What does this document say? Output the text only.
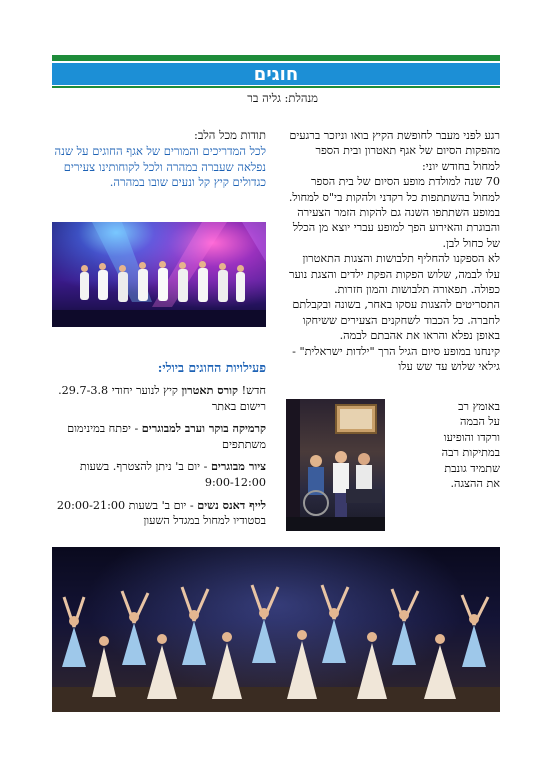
חוגים
מנהלת: גליה בר

רגע לפני מעבר לחופשת הקיץ בואו וניזכר ברגעים מהפקות הסיום של אגף תאטרון ובית הספר למחול בחודש יוני:

70 שנה למולדת מופע הסיום של בית הספר למחול בהשתתפות כל רקדני ולהקות בי"ס למחול.

במופע השתתפו השנה גם להקות הזמר הצעירה והבוגרת והאירוע הפך למופע עברי יוצא מן הכלל של כחול לבן.

לא הספקנו להחליף תלבושות והצגות התאטרון עלו לבמה, שלוש הפקות הפקת ילדים והצגת נוער כפולה. תפאורה תלבושות והמון חזרות.

התסריטים להצגות עסקו באחר, בשונה ובקבלתם לחברה. כל הכבוד לשחקנים הצעירים ששיחקו באופן נפלא והראו את אהבתם לבמה.

קינחנו במופע סיום הגיל הרך "ילדות ישראלית" - גילאי שלוש עד שש עלו

באומץ רב

על הבמה

ורקדו והופיעו

במתיקות רבה

שתמיד גונבת

את ההצגה.

תודות מכל הלב:

לכל המדריכים והמורים של אגף החוגים על שנה נפלאה שעברה במהרה ולכל לקוחותינו צעירים כגדולים קיץ קל ונעים שובו במהרה.

פעילויות החוגים ביולי:

חדש! קורס תאטרון קיץ לנוער יחודי 29.7-3.8. רישום באתר

קרמיקה בוקר וערב למבוגרים - יפתח במינימום משתתפים

ציור מבוגרים - יום ב' ניתן להצטרף. בשעות 9:00-12:00

לייף דאנס נשים - יום ב' בשעות 20:00-21:00 בסטודיו למחול במגדל השעון
